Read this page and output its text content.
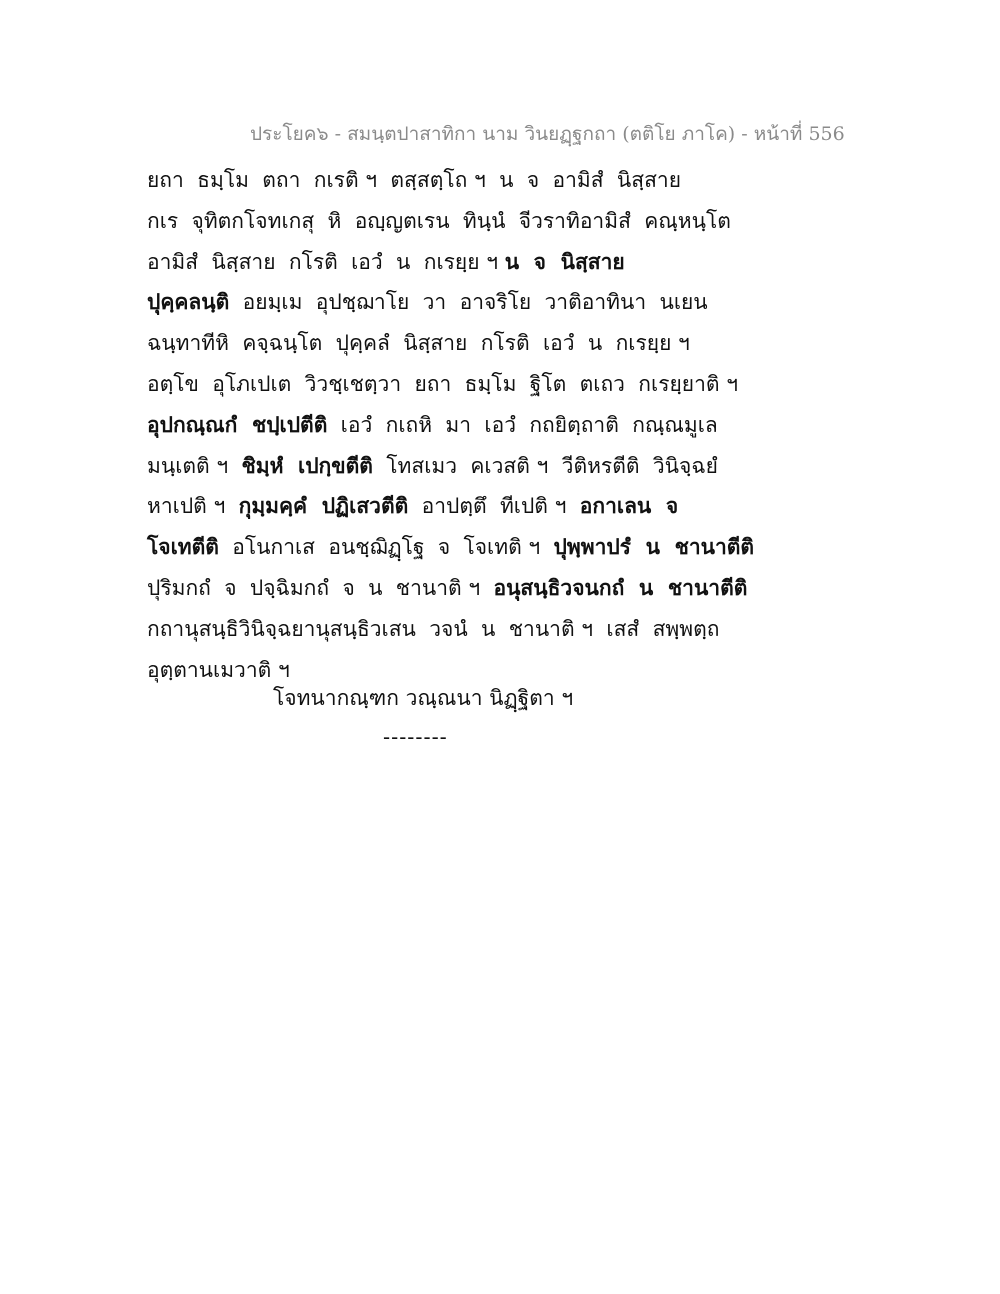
ประโยค๖ - สมนฺตปาสาทิกา นาม วินยฏฺฐกถา (ตติโย ภาโค) - หน้าที่ 556
ยถา  ธมฺโม  ตถา  กเรติ ฯ  ตสฺสตฺโถ ฯ  น  จ  อามิสํ  นิสฺสาย
กเร  จุทิตกโจทเกสุ  หิ  อญฺญตเรน  ทินฺนํ  จีวราทิอามิสํ  คณฺหนฺโต
อามิสํ  นิสฺสาย  กโรติ  เอวํ  น  กเรยฺย ฯ น  จ  นิสฺสาย
ปุคฺคลนฺติ  อยมฺเม  อุปชฺฌาโย  วา  อาจริโย  วาติอาทินา  นเยน
ฉนฺทาทีหิ  คจฺฉนฺโต  ปุคฺคลํ  นิสฺสาย  กโรติ  เอวํ  น  กเรยฺย ฯ
อตฺโข  อุโภเปเต  วิวชฺเชตฺวา  ยถา  ธมฺโม  ฐิโต  ตเถว  กเรยฺยาติ ฯ
อุปกณฺณกํ  ชปฺเปตีติ  เอวํ  กเถหิ  มา  เอวํ  กถยิตฺถาติ  กณฺณมูเล
มนฺเตติ ฯ  ชิมฺหํ  เปกฺขตีติ  โทสเมว  คเวสติ ฯ  วีติหรตีติ  วินิจฺฉยํ
หาเปติ ฯ  กุมฺมคฺคํ  ปฏิเสวตีติ  อาปตฺตึ  ทีเปติ ฯ  อกาเลน  จ
โจเทตีติ  อโนกาเส  อนชฺฌิฏฺโฐ  จ  โจเทติ ฯ  ปุพฺพาปรํ  น  ชานาตีติ
ปุริมกถํ  จ  ปจฺฉิมกถํ  จ  น  ชานาติ ฯ  อนุสนฺธิวจนกถํ  น  ชานาตีติ
กถานุสนฺธิวินิจฺฉยานุสนฺธิวเสน  วจนํ  น  ชานาติ ฯ  เสสํ  สพฺพตฺถ
อุตฺตานเมวาติ ฯ
โจทนากณฺฑก วณฺณนา นิฏฺฐิตา ฯ
--------
